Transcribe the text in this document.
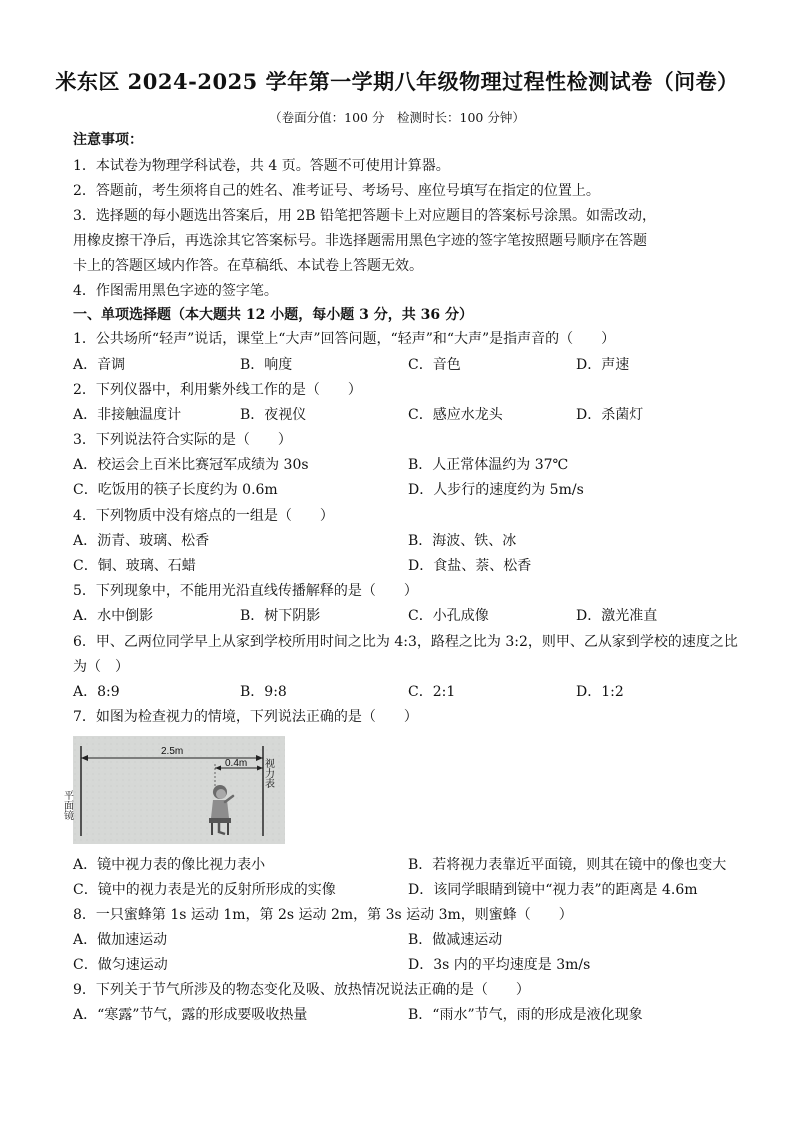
米东区 2024-2025 学年第一学期八年级物理过程性检测试卷（问卷）
（卷面分值：100 分　检测时长：100 分钟）
注意事项：
1．本试卷为物理学科试卷，共 4 页。答题不可使用计算器。
2．答题前，考生须将自己的姓名、准考证号、考场号、座位号填写在指定的位置上。
3．选择题的每小题选出答案后，用 2B 铅笔把答题卡上对应题目的答案标号涂黑。如需改动，
用橡皮擦干净后，再选涂其它答案标号。非选择题需用黑色字迹的签字笔按照题号顺序在答题
卡上的答题区域内作答。在草稿纸、本试卷上答题无效。
4．作图需用黑色字迹的签字笔。
一、单项选择题（本大题共 12 小题，每小题 3 分，共 36 分）
1．公共场所“轻声”说话，课堂上“大声”回答问题，“轻声”和“大声”是指声音的（　　）
A．音调	B．响度	C．音色	D．声速
2．下列仪器中，利用紫外线工作的是（　　）
A．非接触温度计	B．夜视仪	C．感应水龙头	D．杀菌灯
3．下列说法符合实际的是（　　）
A．校运会上百米比赛冠军成绩为 30s	B．人正常体温约为 37℃
C．吃饭用的筷子长度约为 0.6m	D．人步行的速度约为 5m/s
4．下列物质中没有熔点的一组是（　　）
A．沥青、玻璃、松香	B．海波、铁、冰
C．铜、玻璃、石蜡	D．食盐、萘、松香
5．下列现象中，不能用光沿直线传播解释的是（　　）
A．水中倒影	B．树下阴影	C．小孔成像	D．激光准直
6．甲、乙两位同学早上从家到学校所用时间之比为 4:3，路程之比为 3:2，则甲、乙从家到学校的速度之比
为（　）
A．8:9	B．9:8	C．2:1	D．1:2
7．如图为检查视力的情境，下列说法正确的是（　　）
2.5m
0.4m
平面镜
视力表
A．镜中视力表的像比视力表小	B．若将视力表靠近平面镜，则其在镜中的像也变大
C．镜中的视力表是光的反射所形成的实像	D．该同学眼睛到镜中“视力表”的距离是 4.6m
8．一只蜜蜂第 1s 运动 1m，第 2s 运动 2m，第 3s 运动 3m，则蜜蜂（　　）
A．做加速运动	B．做减速运动
C．做匀速运动	D．3s 内的平均速度是 3m/s
9．下列关于节气所涉及的物态变化及吸、放热情况说法正确的是（　　）
A．“寒露”节气，露的形成要吸收热量	B．“雨水”节气，雨的形成是液化现象
